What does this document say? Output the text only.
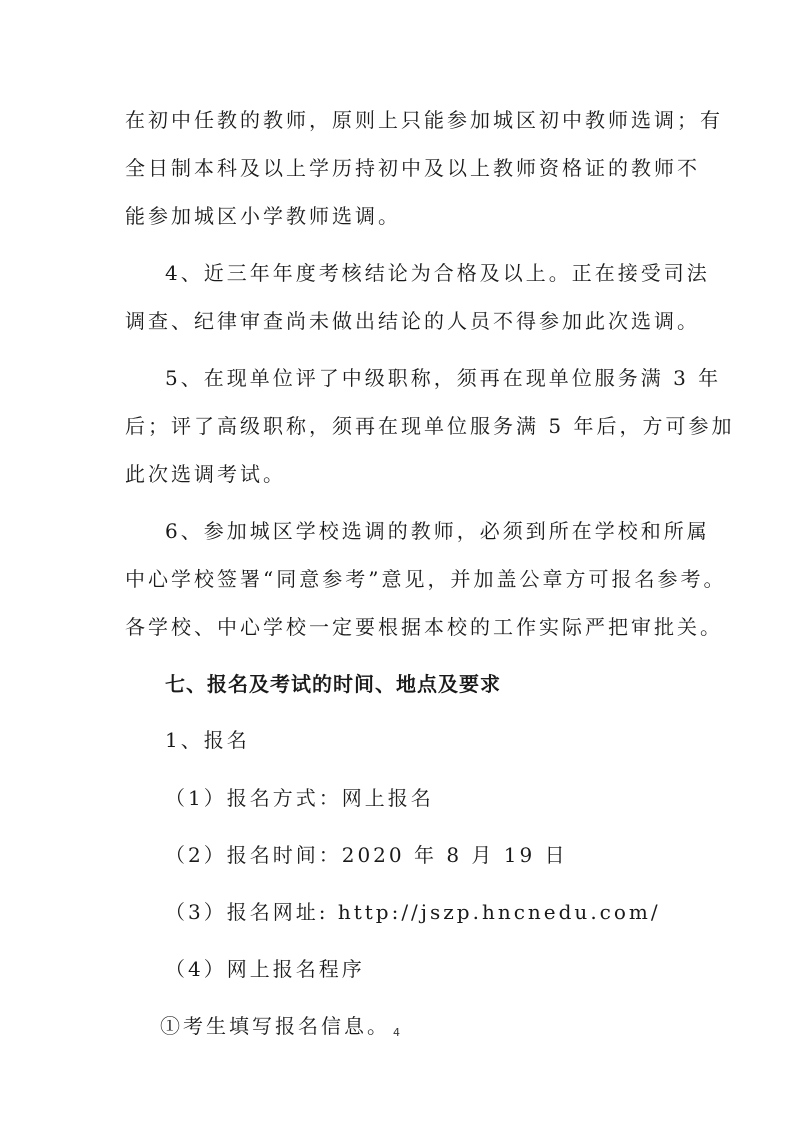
在初中任教的教师，原则上只能参加城区初中教师选调；有
全日制本科及以上学历持初中及以上教师资格证的教师不
能参加城区小学教师选调。
4、近三年年度考核结论为合格及以上。正在接受司法
调查、纪律审查尚未做出结论的人员不得参加此次选调。
5、在现单位评了中级职称，须再在现单位服务满 3 年
后；评了高级职称，须再在现单位服务满 5 年后，方可参加
此次选调考试。
6、参加城区学校选调的教师，必须到所在学校和所属
中心学校签署“同意参考”意见，并加盖公章方可报名参考。
各学校、中心学校一定要根据本校的工作实际严把审批关。
七、报名及考试的时间、地点及要求
1、报名
（1）报名方式：网上报名
（2）报名时间：2020 年 8 月 19 日
（3）报名网址: http://jszp.hncnedu.com/
（4）网上报名程序
①考生填写报名信息。 4
